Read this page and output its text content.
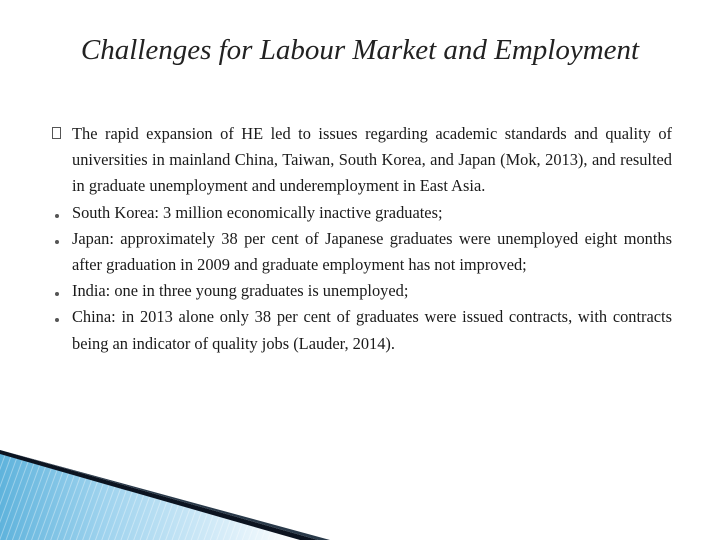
Challenges for Labour Market and Employment
The rapid expansion of HE led to issues regarding academic standards and quality of universities in mainland China, Taiwan, South Korea, and Japan (Mok, 2013), and resulted in graduate unemployment and underemployment in East Asia.
South Korea: 3 million economically inactive graduates;
Japan: approximately 38 per cent of Japanese graduates were unemployed eight months after graduation in 2009 and graduate employment has not improved;
India: one in three young graduates is unemployed;
China: in 2013 alone only 38 per cent of graduates were issued contracts, with contracts being an indicator of quality jobs (Lauder, 2014).
